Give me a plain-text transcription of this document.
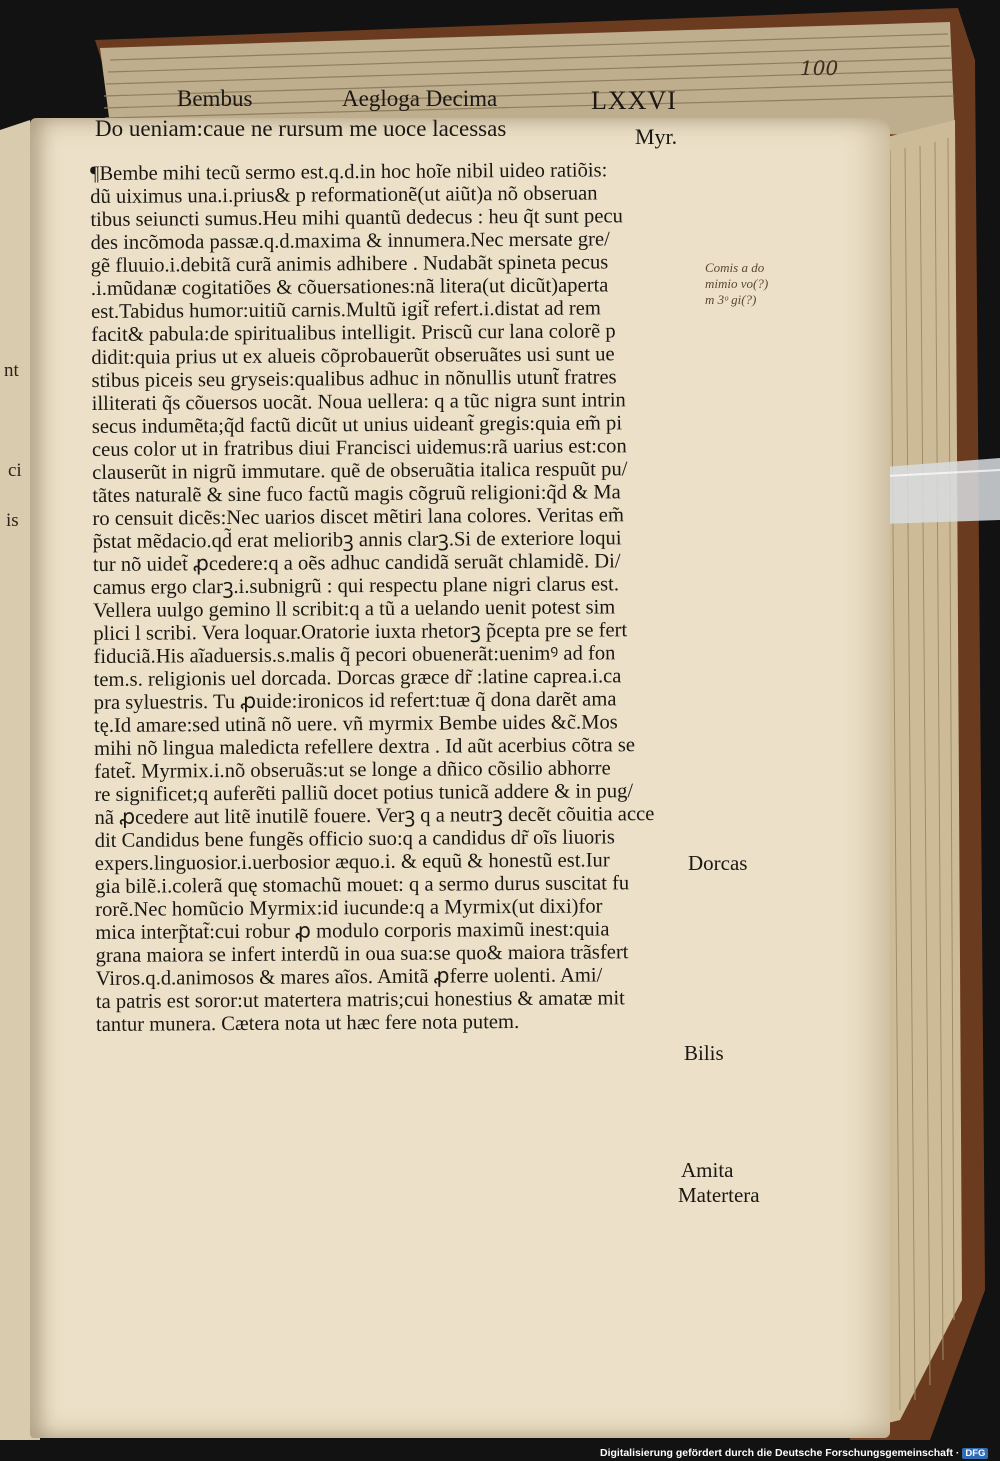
nt
ci
is
100
Bembus	Aegloga Decima	LXXVI
Do ueniam:caue ne rursum me uoce lacessas	Myr.
Comis a do
mimio vo(?)
m 3ᵒ gi(?)

¶Bembe mihi tecũ sermo est.q.d.in hoc hoĩe nibil uideo ratiõis:

dũ uiximus una.i.prius& p reformationẽ(ut aiũt)a nõ obseruan

tibus seiuncti sumus.Heu mihi quantũ dedecus : heu q̃t sunt pecu

des incõmoda passæ.q.d.maxima & innumera.Nec mersate gre/

gẽ fluuio.i.debitã curã animis adhibere . Nudabãt spineta pecus

.i.mũdanæ cogitatiões & cõuersationes:nã litera(ut dicũt)aperta

est.Tabidus humor:uitiũ carnis.Multũ igit̃ refert.i.distat ad rem

facit& pabula:de spiritualibus intelligit. Priscũ cur lana colorẽ p

didit:quia prius ut ex alueis cõprobauerũt obseruãtes usi sunt ue

stibus piceis seu gryseis:qualibus adhuc in nõnullis utunt̃ fratres

illiterati q̃s cõuersos uocãt. Noua uellera: q a tũc nigra sunt intrin

secus indumẽta;q̃d factũ dicũt ut unius uideant̃ gregis:quia em̃ pi

ceus color ut in fratribus diui Francisci uidemus:rã uarius est:con

clauserũt in nigrũ immutare. quẽ de obseruãtia italica respuũt pu/

tãtes naturalẽ & sine fuco factũ magis cõgruũ religioni:q̃d & Ma

ro censuit dicẽs:Nec uarios discet mẽtiri lana colores. Veritas em̃

p̃stat mẽdacio.qd̃ erat melioribꝫ annis clarꝫ.Si de exteriore loqui

tur nõ uidet̃ ꝓcedere:q a oẽs adhuc candidã seruãt chlamidẽ. Di/

camus ergo clarꝫ.i.subnigrũ : qui respectu plane nigri clarus est.

Vellera uulgo gemino ll scribit:q a tũ a uelando uenit potest sim

plici l scribi. Vera loquar.Oratorie iuxta rhetorꝫ p̃cepta pre se fert

fiduciã.His aĩaduersis.s.malis q̃ pecori obuenerãt:uenimꝰ ad fon

tem.s. religionis uel dorcada. Dorcas græce dr̃ :latine caprea.i.ca

pra syluestris. Tu ꝓuide:ironicos id refert:tuæ q̃ dona darẽt ama

tę.Id amare:sed utinã nõ uere. vñ myrmix Bembe uides &c̃.Mos

mihi nõ lingua maledicta refellere dextra . Id aũt acerbius cõtra se

fatet̃. Myrmix.i.nõ obseruãs:ut se longe a dñico cõsilio abhorre

re significet;q auferẽti palliũ docet potius tunicã addere & in pug/

nã ꝓcedere aut litẽ inutilẽ fouere. Verꝫ q a neutrꝫ decẽt cõuitia acce

dit Candidus bene fungẽs officio suo:q a candidus dr̃ oĩs liuoris

expers.linguosior.i.uerbosior æquo.i. & equũ & honestũ est.Iur

gia bilẽ.i.colerã quę stomachũ mouet: q a sermo durus suscitat fu

rorẽ.Nec homũcio Myrmix:id iucunde:q a Myrmix(ut dixi)for

mica interp̃tat̃:cui robur ꝓ modulo corporis maximũ inest:quia

grana maiora se infert interdũ in oua sua:se quo& maiora trãsfert

Viros.q.d.animosos & mares aĩos. Amitã ꝓferre uolenti. Ami/

ta patris est soror:ut matertera matris;cui honestius & amatæ mit

tantur munera. Cætera nota ut hæc fere nota putem.

Dorcas
Bilis
Amita
Matertera
Digitalisierung gefördert durch die Deutsche Forschungsgemeinschaft · DFG
